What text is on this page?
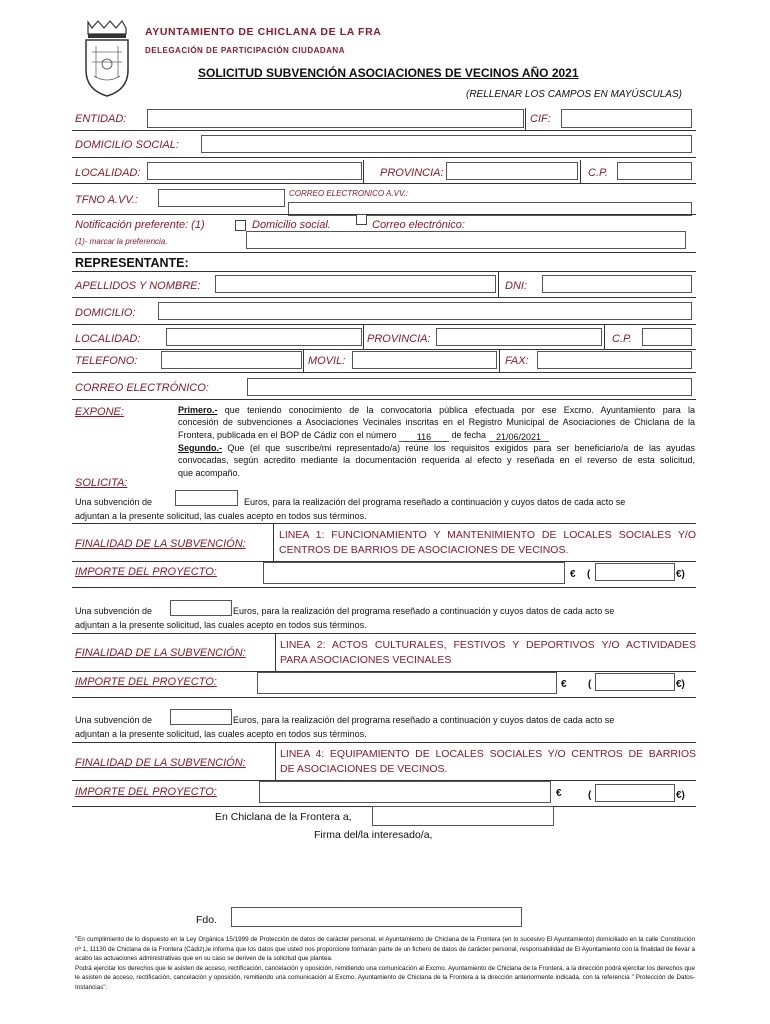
AYUNTAMIENTO DE CHICLANA DE LA FRA
DELEGACIÓN DE PARTICIPACIÓN CIUDADANA
SOLICITUD SUBVENCIÓN ASOCIACIONES DE VECINOS AÑO 2021
(RELLENAR LOS CAMPOS EN MAYÚSCULAS)
ENTIDAD:	CIF:
DOMICILIO SOCIAL:
LOCALIDAD:	PROVINCIA:	C.P.
TFNO A.VV.:
CORREO ELECTRONICO A.VV.:
Notificación preferente: (1)	Domicilio social.	Correo electrónico:
(1)- marcar la preferencia.
REPRESENTANTE:
APELLIDOS Y NOMBRE:	DNI:
DOMICILIO:
LOCALIDAD:	PROVINCIA:	C.P.
TELEFONO:	MOVIL:	FAX:
CORREO ELECTRÓNICO:
EXPONE:	Primero.- que teniendo conocimiento de la convocatoria pública efectuada por ese Excmo. Ayuntamiento para la
concesión de subvenciones a Asociaciones Vecinales inscritas en el Registro Municipal de Asociaciones de Chiclana de la
Frontera, publicada en el BOP de Cádiz con el número 116 de fecha 21/06/2021
Segundo.- Que (el que suscribe/mi representado/a) reúne los requisitos exigidos para ser beneficiario/a de las ayudas
convocadas, según acredito mediante la documentación requerida al efecto y reseñada en el reverso de esta solicitud,
que acompaño.
SOLICITA:
Una subvención de	Euros, para la realización del programa reseñado a continuación y cuyos datos de cada acto se
adjuntan a la presente solicitud, las cuales acepto en todos sus términos.
FINALIDAD DE LA SUBVENCIÓN:
LINEA 1: FUNCIONAMIENTO Y MANTENIMIENTO DE LOCALES SOCIALES Y/O
CENTROS DE BARRIOS DE ASOCIACIONES DE VECINOS.
IMPORTE DEL PROYECTO:	€ (	€)
Una subvención de	Euros, para la realización del programa reseñado a continuación y cuyos datos de cada acto se
adjuntan a la presente solicitud, las cuales acepto en todos sus términos.
FINALIDAD DE LA SUBVENCIÓN:
LINEA 2: ACTOS CULTURALES, FESTIVOS Y DEPORTIVOS Y/O ACTIVIDADES
PARA ASOCIACIONES VECINALES
IMPORTE DEL PROYECTO:	€ (	€)
Una subvención de	Euros, para la realización del programa reseñado a continuación y cuyos datos de cada acto se
adjuntan a la presente solicitud, las cuales acepto en todos sus términos.
FINALIDAD DE LA SUBVENCIÓN:
LINEA 4: EQUIPAMIENTO DE LOCALES SOCIALES Y/O CENTROS DE BARRIOS
DE ASOCIACIONES DE VECINOS.
IMPORTE DEL PROYECTO:	€	(	€)
En Chiclana de la Frontera a,
Firma del/la interesado/a,
Fdo.
"En cumplimiento de lo dispuesto en la Ley Orgánica 15/1999 de Protección de datos de carácter personal, el Ayuntamiento de Chiclana de la Frontera (en lo sucesivo El Ayuntamiento) domiciliado en la calle Constitución nº 1, 11130 de Chiclana de la Frontera (Cádiz),le informa que los datos que usted nos proporcione formarán parte de un fichero de datos de carácter personal, responsabilidad de El Ayuntamiento con la finalidad de llevar a acabo las actuaciones administrativas que en su caso se deriven de la solicitud que plantea.
Podrá ejercitar los derechos que le asisten de acceso, rectificación, cancelación y oposición, remitiendo una comunicación al Excmo. Ayuntamiento de Chiclana de la Frontera, a la dirección podrá ejercitar los derechos que le asisten de acceso, rectificación, cancelación y oposición, remitiendo una comunicación al Excmo. Ayuntamiento de Chiclana de la Frontera a la dirección anteriormente indicada, con la referencia " Protección de Datos-Instancias".
